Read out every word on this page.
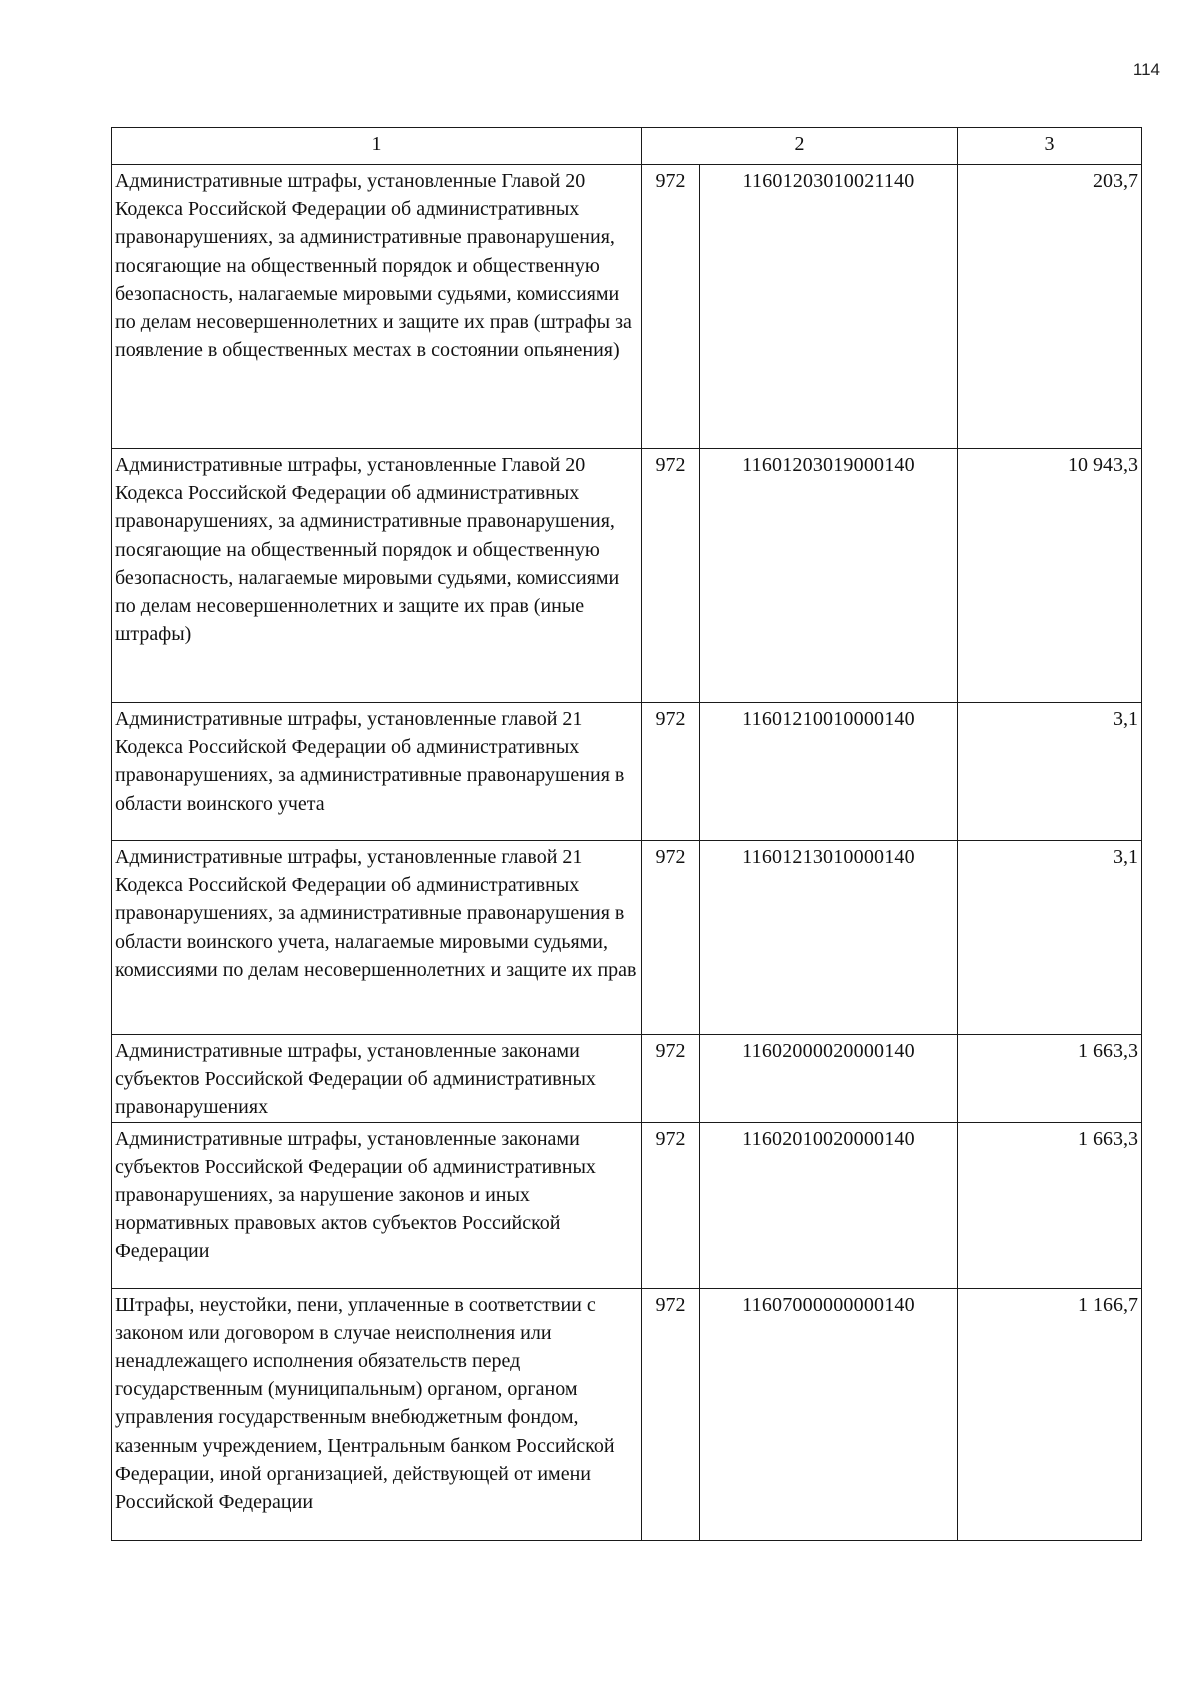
114
1	2		3
Административные штрафы, установленные Главой 20 Кодекса Российской Федерации об административных правонарушениях, за административные правонарушения, посягающие на общественный порядок и общественную безопасность, налагаемые мировыми судьями, комиссиями по делам несовершеннолетних и защите их прав (штрафы за появление в общественных местах в состоянии опьянения)	972	11601203010021140	203,7
Административные штрафы, установленные Главой 20 Кодекса Российской Федерации об административных правонарушениях, за административные правонарушения, посягающие на общественный порядок и общественную безопасность, налагаемые мировыми судьями, комиссиями по делам несовершеннолетних и защите их прав (иные штрафы)	972	11601203019000140	10 943,3
Административные штрафы, установленные главой 21 Кодекса Российской Федерации об административных правонарушениях, за административные правонарушения в области воинского учета	972	11601210010000140	3,1
Административные штрафы, установленные главой 21 Кодекса Российской Федерации об административных правонарушениях, за административные правонарушения в области воинского учета, налагаемые мировыми судьями, комиссиями по делам несовершеннолетних и защите их прав	972	11601213010000140	3,1
Административные штрафы, установленные законами субъектов Российской Федерации об административных правонарушениях	972	11602000020000140	1 663,3
Административные штрафы, установленные законами субъектов Российской Федерации об административных правонарушениях, за нарушение законов и иных нормативных правовых актов субъектов Российской Федерации	972	11602010020000140	1 663,3
Штрафы, неустойки, пени, уплаченные в соответствии с законом или договором в случае неисполнения или ненадлежащего исполнения обязательств перед государственным (муниципальным) органом, органом управления государственным внебюджетным фондом, казенным учреждением, Центральным банком Российской Федерации, иной организацией, действующей от имени Российской Федерации	972	11607000000000140	1 166,7
